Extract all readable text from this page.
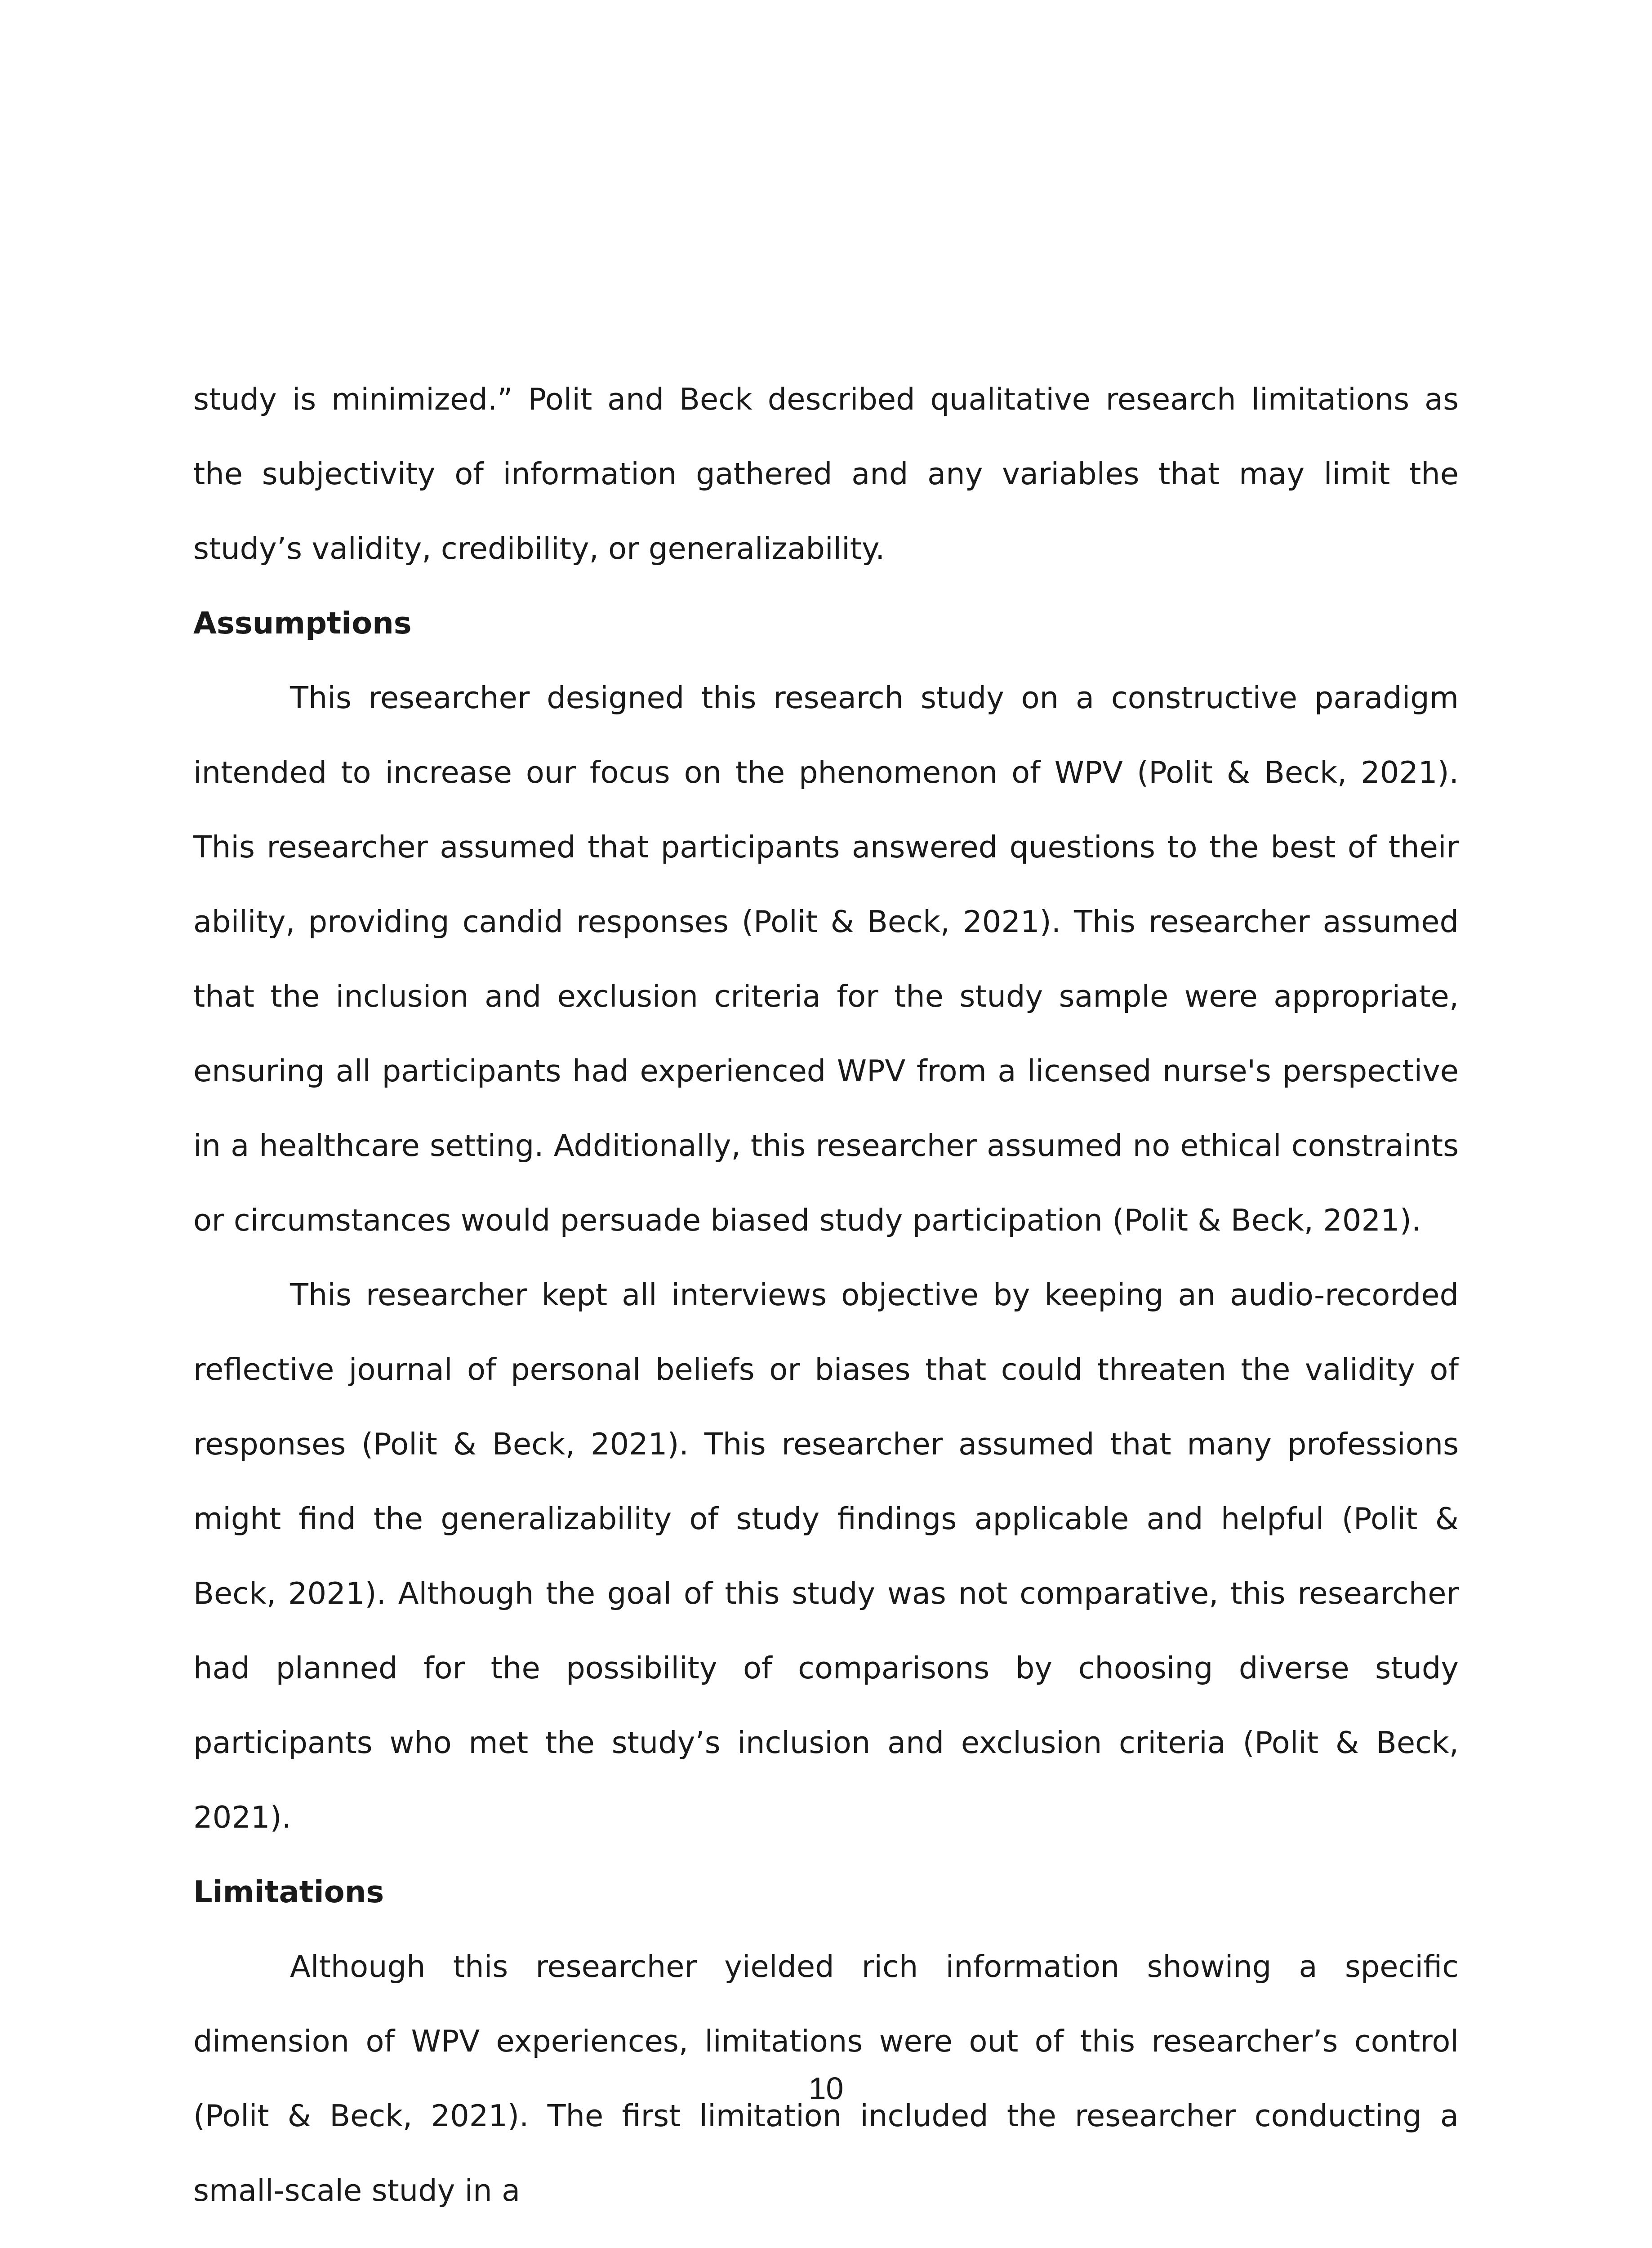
study is minimized.” Polit and Beck described qualitative research limitations as the subjectivity of information gathered and any variables that may limit the study’s validity, credibility, or generalizability.

Assumptions

This researcher designed this research study on a constructive paradigm intended to increase our focus on the phenomenon of WPV (Polit & Beck, 2021). This researcher assumed that participants answered questions to the best of their ability, providing candid responses (Polit & Beck, 2021). This researcher assumed that the inclusion and exclusion criteria for the study sample were appropriate, ensuring all participants had experienced WPV from a licensed nurse's perspective in a healthcare setting. Additionally, this researcher assumed no ethical constraints or circumstances would persuade biased study participation (Polit & Beck, 2021).

This researcher kept all interviews objective by keeping an audio-recorded reflective journal of personal beliefs or biases that could threaten the validity of responses (Polit & Beck, 2021). This researcher assumed that many professions might find the generalizability of study findings applicable and helpful (Polit & Beck, 2021). Although the goal of this study was not comparative, this researcher had planned for the possibility of comparisons by choosing diverse study participants who met the study’s inclusion and exclusion criteria (Polit & Beck, 2021).

Limitations

Although this researcher yielded rich information showing a specific dimension of WPV experiences, limitations were out of this researcher’s control (Polit & Beck, 2021). The first limitation included the researcher conducting a small-scale study in a

10
